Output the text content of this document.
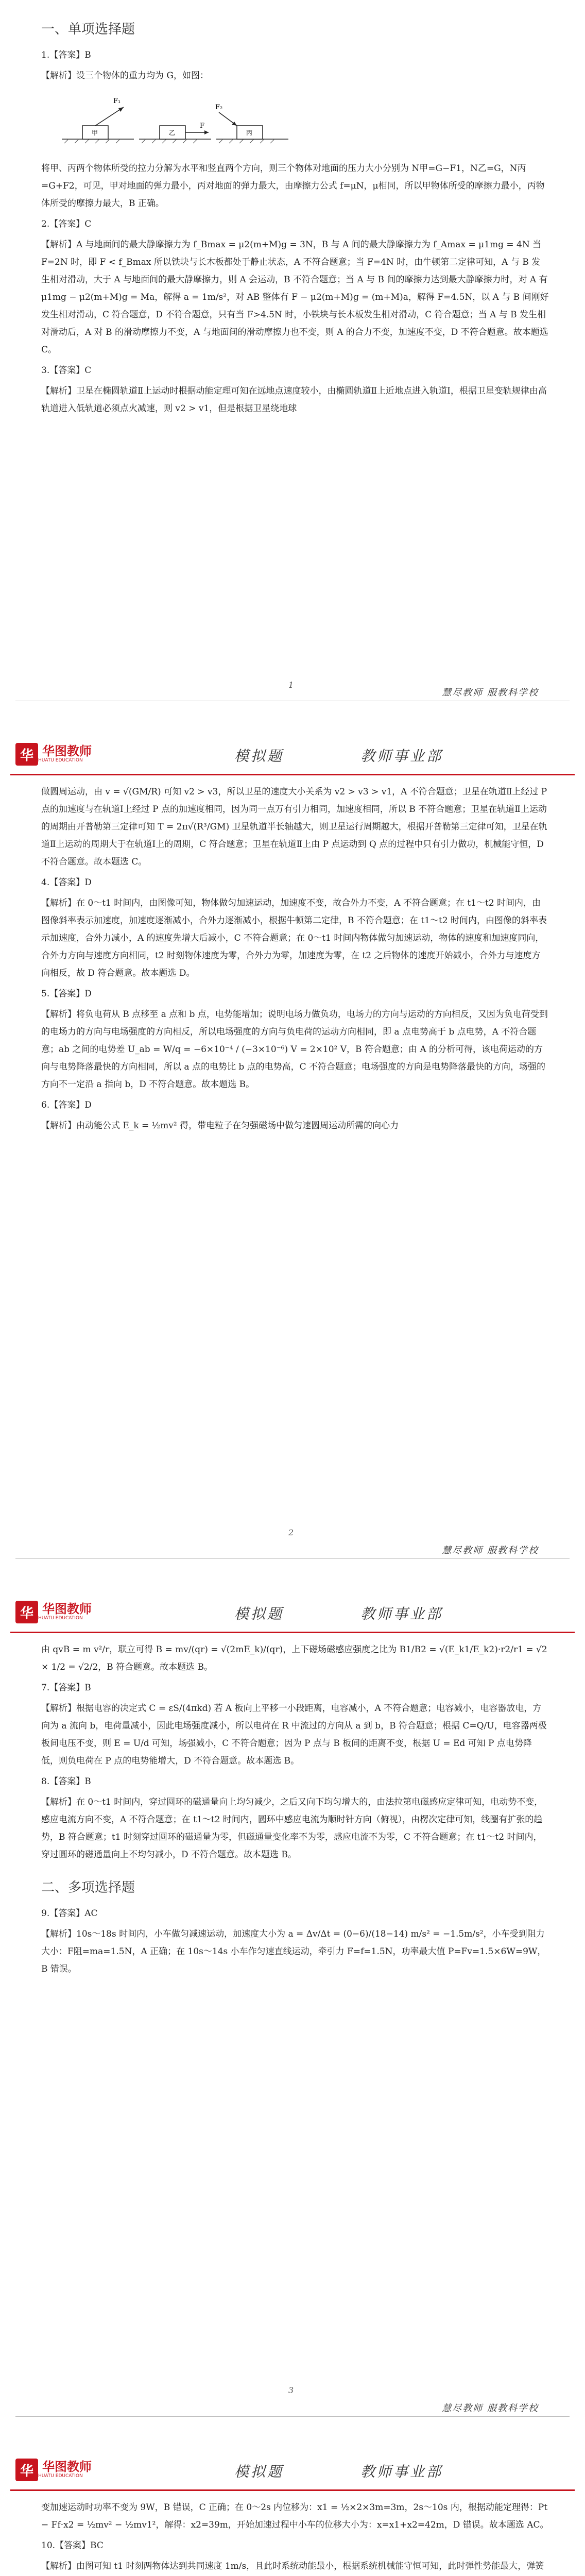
一、单项选择题

1.【答案】B

【解析】设三个物体的重力均为 G，如图：

F₁
F
F₂
甲	乙	丙

将甲、丙两个物体所受的拉力分解为水平和竖直两个方向，则三个物体对地面的压力大小分别为 N甲=G−F1，N乙=G，N丙=G+F2，可见，甲对地面的弹力最小，丙对地面的弹力最大，由摩擦力公式 f=μN，μ相同，所以甲物体所受的摩擦力最小，丙物体所受的摩擦力最大，B 正确。

2.【答案】C

【解析】A 与地面间的最大静摩擦力为 f_Bmax = μ2(m+M)g = 3N，B 与 A 间的最大静摩擦力为 f_Amax = μ1mg = 4N 当 F=2N 时，即 F < f_Bmax 所以铁块与长木板都处于静止状态，A 不符合题意；当 F=4N 时，由牛顿第二定律可知，A 与 B 发生相对滑动，大于 A 与地面间的最大静摩擦力，则 A 会运动，B 不符合题意；当 A 与 B 间的摩擦力达到最大静摩擦力时，对 A 有 μ1mg − μ2(m+M)g = Ma，解得 a = 1m/s²，对 AB 整体有 F − μ2(m+M)g = (m+M)a，解得 F=4.5N，以 A 与 B 间刚好发生相对滑动，C 符合题意，D 不符合题意，只有当 F>4.5N 时，小铁块与长木板发生相对滑动，C 符合题意；当 A 与 B 发生相对滑动后，A 对 B 的滑动摩擦力不变，A 与地面间的滑动摩擦力也不变，则 A 的合力不变，加速度不变，D 不符合题意。故本题选 C。

3.【答案】C

【解析】卫星在椭圆轨道Ⅱ上运动时根据动能定理可知在远地点速度较小，由椭圆轨道Ⅱ上近地点进入轨道Ⅰ，根据卫星变轨规律由高轨道进入低轨道必须点火减速，则 v2 > v1，但是根据卫星绕地球

1
慧尽教师 服教科学校
华 华图教师
HUATU EDUCATION	模拟题	教师事业部

做圆周运动，由 v = √(GM/R) 可知 v2 > v3，所以卫星的速度大小关系为 v2 > v3 > v1，A 不符合题意；卫星在轨道Ⅱ上经过 P 点的加速度与在轨道Ⅰ上经过 P 点的加速度相同，因为同一点万有引力相同，加速度相同，所以 B 不符合题意；卫星在轨道Ⅱ上运动的周期由开普勒第三定律可知 T = 2π√(R³/GM) 卫星轨道半长轴越大，则卫星运行周期越大，根据开普勒第三定律可知，卫星在轨道Ⅱ上运动的周期大于在轨道Ⅰ上的周期，C 符合题意；卫星在轨道Ⅱ上由 P 点运动到 Q 点的过程中只有引力做功，机械能守恒，D 不符合题意。故本题选 C。

4.【答案】D

【解析】在 0～t1 时间内，由图像可知，物体做匀加速运动，加速度不变，故合外力不变，A 不符合题意；在 t1～t2 时间内，由图像斜率表示加速度，加速度逐渐减小，合外力逐渐减小，根据牛顿第二定律，B 不符合题意；在 t1～t2 时间内，由图像的斜率表示加速度，合外力减小，A 的速度先增大后减小，C 不符合题意；在 0～t1 时间内物体做匀加速运动，物体的速度和加速度同向，合外力方向与速度方向相同，t2 时刻物体速度为零，合外力为零，加速度为零，在 t2 之后物体的速度开始减小，合外力与速度方向相反，故 D 符合题意。故本题选 D。

5.【答案】D

【解析】将负电荷从 B 点移至 a 点和 b 点，电势能增加；说明电场力做负功，电场力的方向与运动的方向相反，又因为负电荷受到的电场力的方向与电场强度的方向相反，所以电场强度的方向与负电荷的运动方向相同，即 a 点电势高于 b 点电势，A 不符合题意；ab 之间的电势差 U_ab = W/q = −6×10⁻⁴ / (−3×10⁻⁶) V = 2×10² V，B 符合题意；由 A 的分析可得，该电荷运动的方向与电势降落最快的方向相同，所以 a 点的电势比 b 点的电势高，C 不符合题意；电场强度的方向是电势降落最快的方向，场强的方向不一定沿 a 指向 b，D 不符合题意。故本题选 B。

6.【答案】D

【解析】由动能公式 E_k = ½mv² 得，带电粒子在匀强磁场中做匀速圆周运动所需的向心力

2
慧尽教师 服教科学校
华 华图教师
HUATU EDUCATION	模拟题	教师事业部

由 qvB = m v²/r，联立可得 B = mv/(qr) = √(2mE_k)/(qr)，上下磁场磁感应强度之比为 B1/B2 = √(E_k1/E_k2)·r2/r1 = √2 × 1/2 = √2/2，B 符合题意。故本题选 B。

7.【答案】B

【解析】根据电容的决定式 C = εS/(4πkd) 若 A 板向上平移一小段距离，电容减小，A 不符合题意；电容减小，电容器放电，方向为 a 流向 b，电荷量减小，因此电场强度减小，所以电荷在 R 中流过的方向从 a 到 b，B 符合题意；根据 C=Q/U，电容器两极板间电压不变，则 E = U/d 可知，场强减小，C 不符合题意；因为 P 点与 B 板间的距离不变，根据 U = Ed 可知 P 点电势降低，则负电荷在 P 点的电势能增大，D 不符合题意。故本题选 B。

8.【答案】B

【解析】在 0～t1 时间内，穿过圆环的磁通量向上均匀减少，之后又向下均匀增大的，由法拉第电磁感应定律可知，电动势不变，感应电流方向不变，A 不符合题意；在 t1～t2 时间内，圆环中感应电流为顺时针方向（俯视），由楞次定律可知，线圈有扩张的趋势，B 符合题意；t1 时刻穿过圆环的磁通量为零，但磁通量变化率不为零，感应电流不为零，C 不符合题意；在 t1～t2 时间内，穿过圆环的磁通量向上不均匀减小，D 不符合题意。故本题选 B。

二、多项选择题

9.【答案】AC

【解析】10s～18s 时间内，小车做匀减速运动，加速度大小为 a = Δv/Δt = (0−6)/(18−14) m/s² = −1.5m/s²，小车受到阻力大小：F阻=ma=1.5N，A 正确；在 10s～14s 小车作匀速直线运动，牵引力 F=f=1.5N，功率最大值 P=Fv=1.5×6W=9W，B 错误。

3
慧尽教师 服教科学校
华 华图教师
HUATU EDUCATION	模拟题	教师事业部

变加速运动时功率不变为 9W，B 错误，C 正确；在 0～2s 内位移为：x1 = ½×2×3m=3m，2s～10s 内，根据动能定理得：Pt − Ff·x2 = ½mv² − ½mv1²，解得：x2=39m，开始加速过程中小车的位移大小为：x=x1+x2=42m，D 错误。故本题选 AC。

10.【答案】BC

【解析】由图可知 t1 时刻两物体达到共同速度 1m/s，且此时系统动能最小，根据系统机械能守恒可知，此时弹性势能最大，弹簧
